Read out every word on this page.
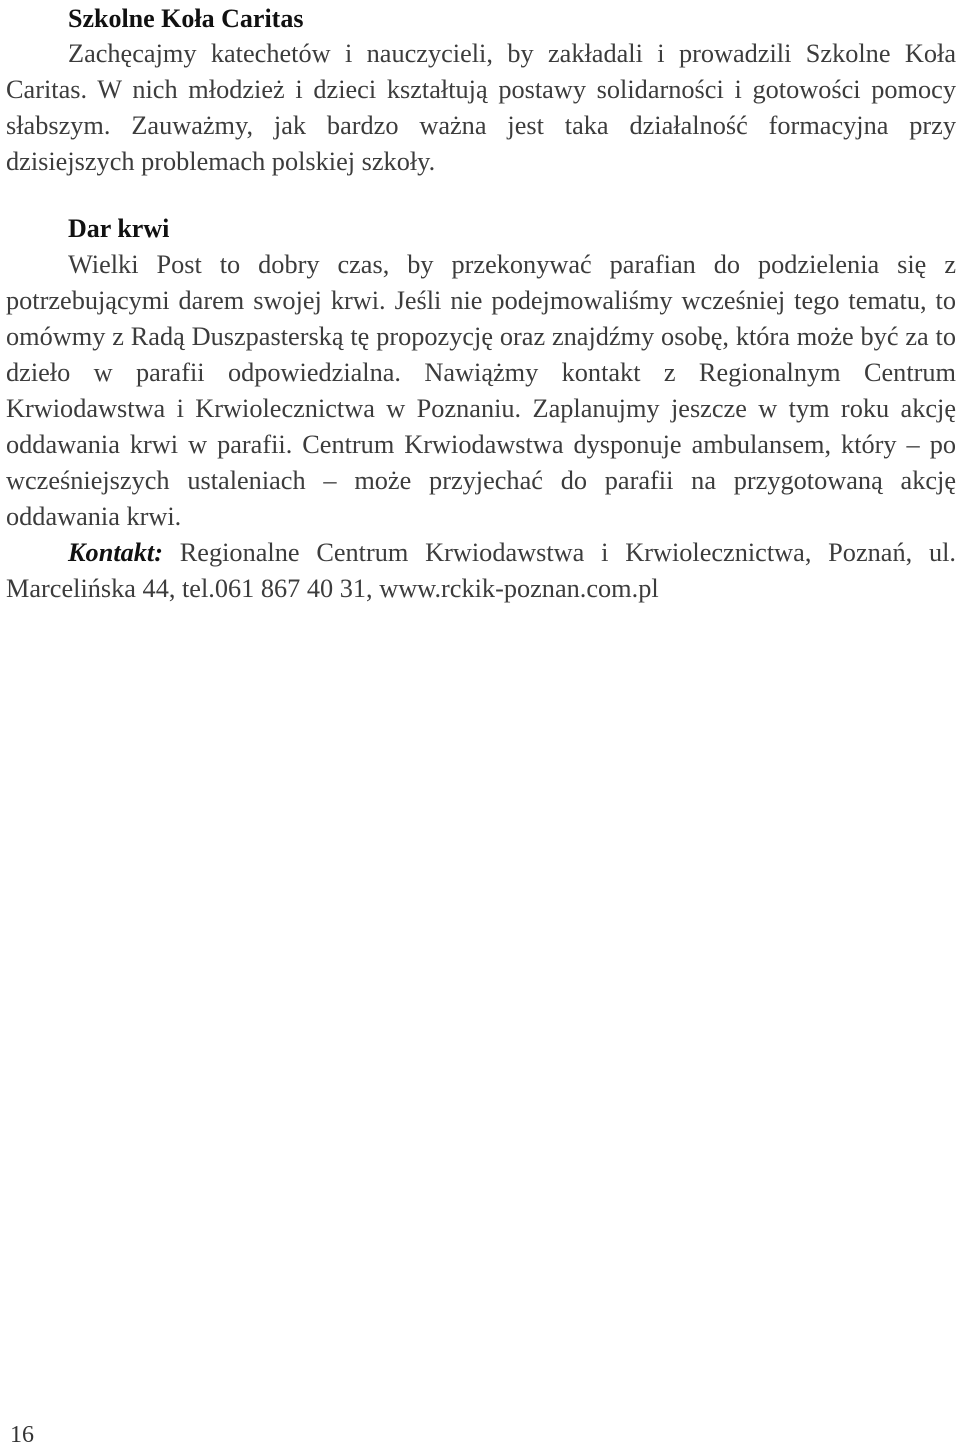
Szkolne Koła Caritas

Zachęcajmy katechetów i nauczycieli, by zakładali i prowadzili Szkolne Koła Caritas. W nich młodzież i dzieci kształtują postawy solidarności i gotowości pomocy słabszym. Zauważmy, jak bardzo ważna jest taka działalność formacyjna przy dzisiejszych problemach polskiej szkoły.

Dar krwi

Wielki Post to dobry czas, by przekonywać parafian do podzielenia się z potrzebującymi darem swojej krwi. Jeśli nie podejmowaliśmy wcześniej tego tematu, to omówmy z Radą Duszpasterską tę propozycję oraz znajdźmy osobę, która może być za to dzieło w parafii odpowiedzialna. Nawiążmy kontakt z Regionalnym Centrum Krwiodawstwa i Krwiolecznictwa w Poznaniu. Zaplanujmy jeszcze w tym roku akcję oddawania krwi w parafii. Centrum Krwiodawstwa dysponuje ambulansem, który – po wcześniejszych ustaleniach – może przyjechać do parafii na przygotowaną akcję oddawania krwi.

Kontakt: Regionalne Centrum Krwiodawstwa i Krwiolecznictwa, Poznań, ul. Marcelińska 44, tel.061 867 40 31, www.rckik-poznan.com.pl

16
